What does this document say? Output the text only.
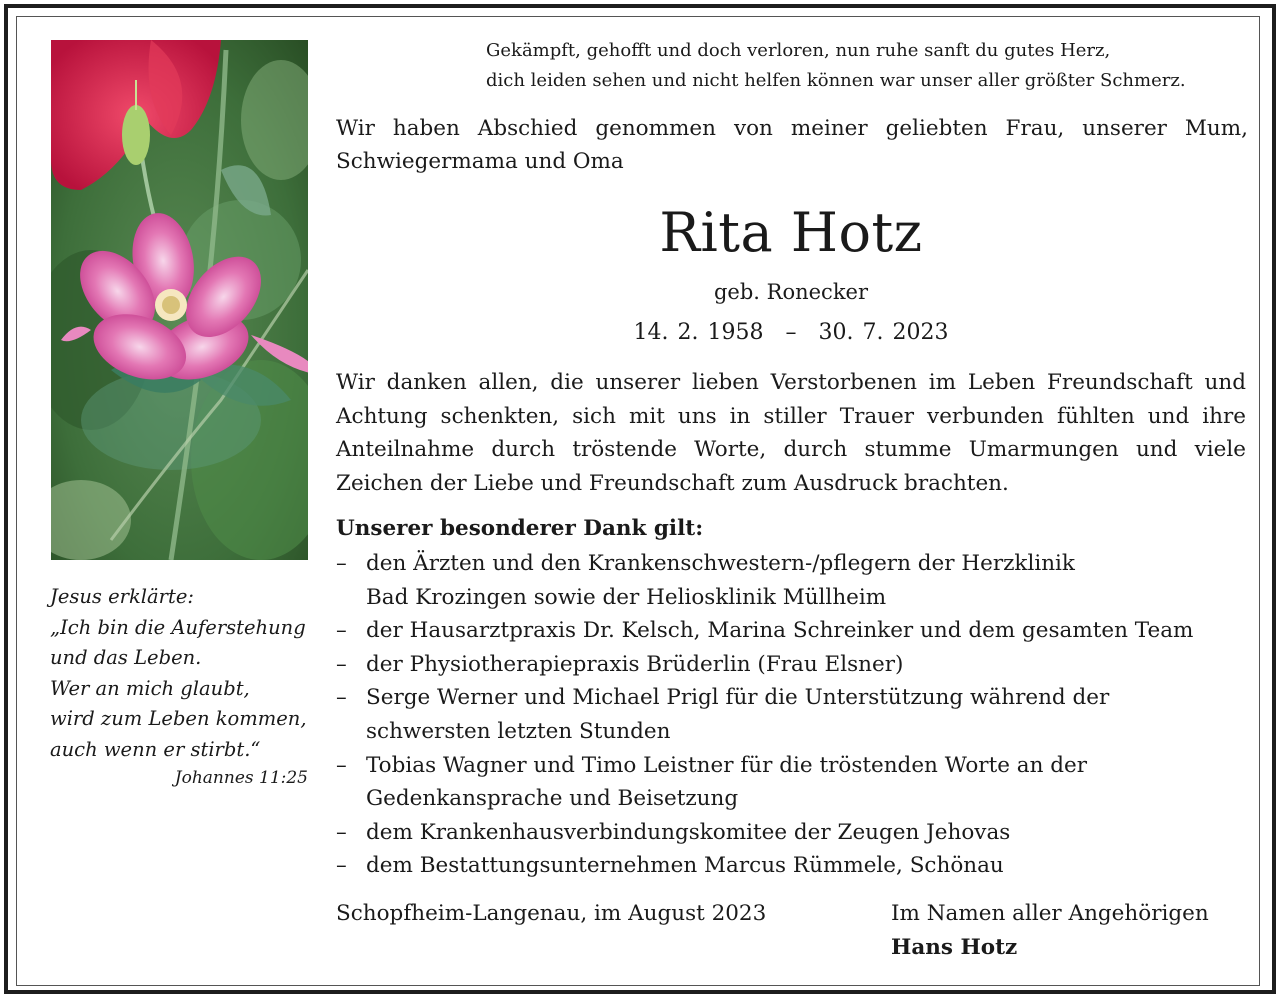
Jesus erklärte:
„Ich bin die Auferstehung
und das Leben.
Wer an mich glaubt,
wird zum Leben kommen,
auch wenn er stirbt.“
Johannes 11:25
Gekämpft, gehofft und doch verloren, nun ruhe sanft du gutes Herz,
dich leiden sehen und nicht helfen können war unser aller größter Schmerz.
Wir haben Abschied genommen von meiner geliebten Frau, unserer Mum, Schwiegermama und Oma
Rita Hotz
geb. Ronecker
14. 2. 1958 – 30. 7. 2023
Wir danken allen, die unserer lieben Verstorbenen im Leben Freundschaft und Achtung schenkten, sich mit uns in stiller Trauer verbunden fühlten und ihre Anteilnahme durch tröstende Worte, durch stumme Umarmungen und viele Zeichen der Liebe und Freundschaft zum Ausdruck brachten.
Unserer besonderer Dank gilt:
– den Ärzten und den Krankenschwestern-/pflegern der Herzklinik
Bad Krozingen sowie der Heliosklinik Müllheim
– der Hausarztpraxis Dr. Kelsch, Marina Schreinker und dem gesamten Team
– der Physiotherapiepraxis Brüderlin (Frau Elsner)
– Serge Werner und Michael Prigl für die Unterstützung während der
schwersten letzten Stunden
– Tobias Wagner und Timo Leistner für die tröstenden Worte an der
Gedenkansprache und Beisetzung
– dem Krankenhausverbindungskomitee der Zeugen Jehovas
– dem Bestattungsunternehmen Marcus Rümmele, Schönau
Schopfheim-Langenau, im August 2023	Im Namen aller Angehörigen
Hans Hotz
